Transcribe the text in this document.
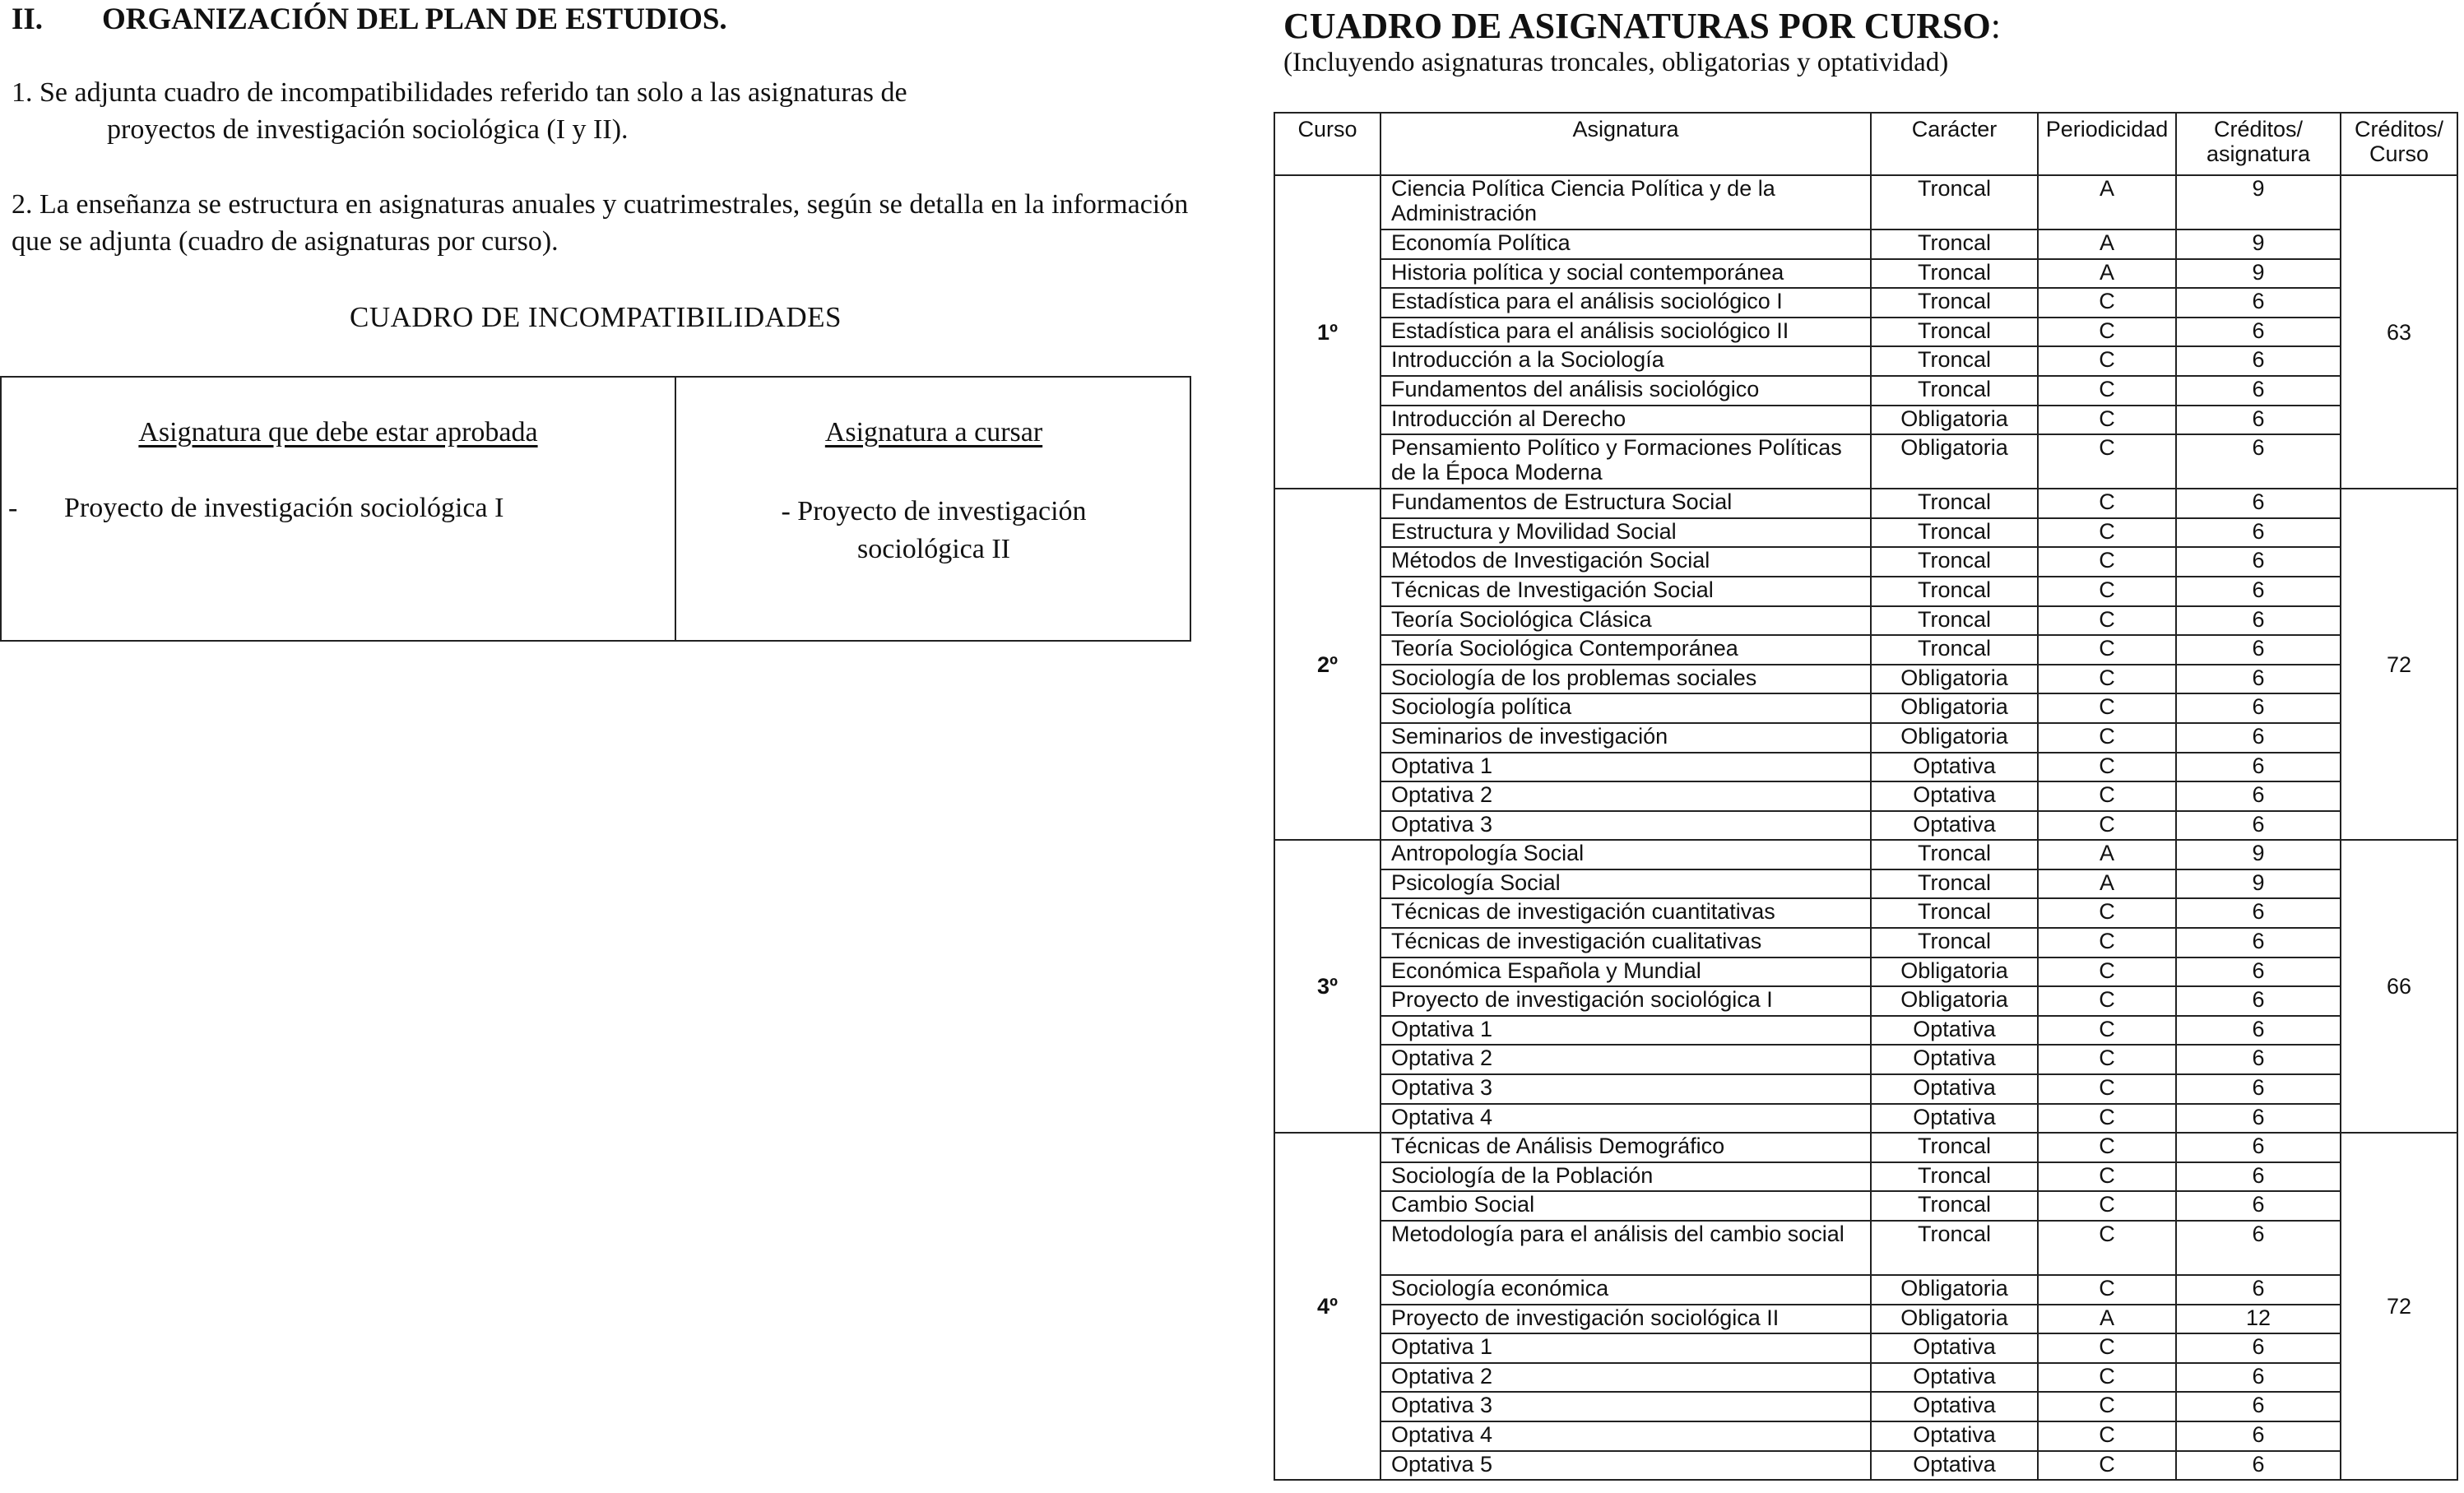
II. ORGANIZACIÓN DEL PLAN DE ESTUDIOS.
1. Se adjunta cuadro de incompatibilidades referido tan solo a las asignaturas de
proyectos de investigación sociológica (I y II).
2. La enseñanza se estructura en asignaturas anuales y cuatrimestrales, según se detalla en la información que se adjunta (cuadro de asignaturas por curso).
CUADRO DE INCOMPATIBILIDADES
Asignatura que debe estar aprobada	Asignatura a cursar
- Proyecto de investigación sociológica I	- Proyecto de investigación
sociológica II
CUADRO DE ASIGNATURAS POR CURSO:
(Incluyendo asignaturas troncales, obligatorias y optatividad)
Curso	Asignatura	Carácter	Periodicidad	Créditos/ asignatura	Créditos/ Curso
1º	Ciencia Política Ciencia Política y de la Administración	Troncal	A	9	63
	Economía Política	Troncal	A	9	
	Historia política y social contemporánea	Troncal	A	9	
	Estadística para el análisis sociológico I	Troncal	C	6	
	Estadística para el análisis sociológico II	Troncal	C	6	
	Introducción a la Sociología	Troncal	C	6	
	Fundamentos del análisis sociológico	Troncal	C	6	
	Introducción al Derecho	Obligatoria	C	6	
	Pensamiento Político y Formaciones Políticas de la Época Moderna	Obligatoria	C	6	
2º	Fundamentos de Estructura Social	Troncal	C	6	72
	Estructura y Movilidad Social	Troncal	C	6	
	Métodos de Investigación Social	Troncal	C	6	
	Técnicas de Investigación Social	Troncal	C	6	
	Teoría Sociológica Clásica	Troncal	C	6	
	Teoría Sociológica Contemporánea	Troncal	C	6	
	Sociología de los problemas sociales	Obligatoria	C	6	
	Sociología política	Obligatoria	C	6	
	Seminarios de investigación	Obligatoria	C	6	
	Optativa 1	Optativa	C	6	
	Optativa 2	Optativa	C	6	
	Optativa 3	Optativa	C	6	
3º	Antropología Social	Troncal	A	9	66
	Psicología Social	Troncal	A	9	
	Técnicas de investigación cuantitativas	Troncal	C	6	
	Técnicas de investigación cualitativas	Troncal	C	6	
	Económica Española y Mundial	Obligatoria	C	6	
	Proyecto de investigación sociológica I	Obligatoria	C	6	
	Optativa 1	Optativa	C	6	
	Optativa 2	Optativa	C	6	
	Optativa 3	Optativa	C	6	
	Optativa 4	Optativa	C	6	
4º	Técnicas de Análisis Demográfico	Troncal	C	6	72
	Sociología de la Población	Troncal	C	6	
	Cambio Social	Troncal	C	6	
	Metodología para el análisis del cambio social	Troncal	C	6	
	Sociología económica	Obligatoria	C	6	
	Proyecto de investigación sociológica II	Obligatoria	A	12	
	Optativa 1	Optativa	C	6	
	Optativa 2	Optativa	C	6	
	Optativa 3	Optativa	C	6	
	Optativa 4	Optativa	C	6	
	Optativa 5	Optativa	C	6	
